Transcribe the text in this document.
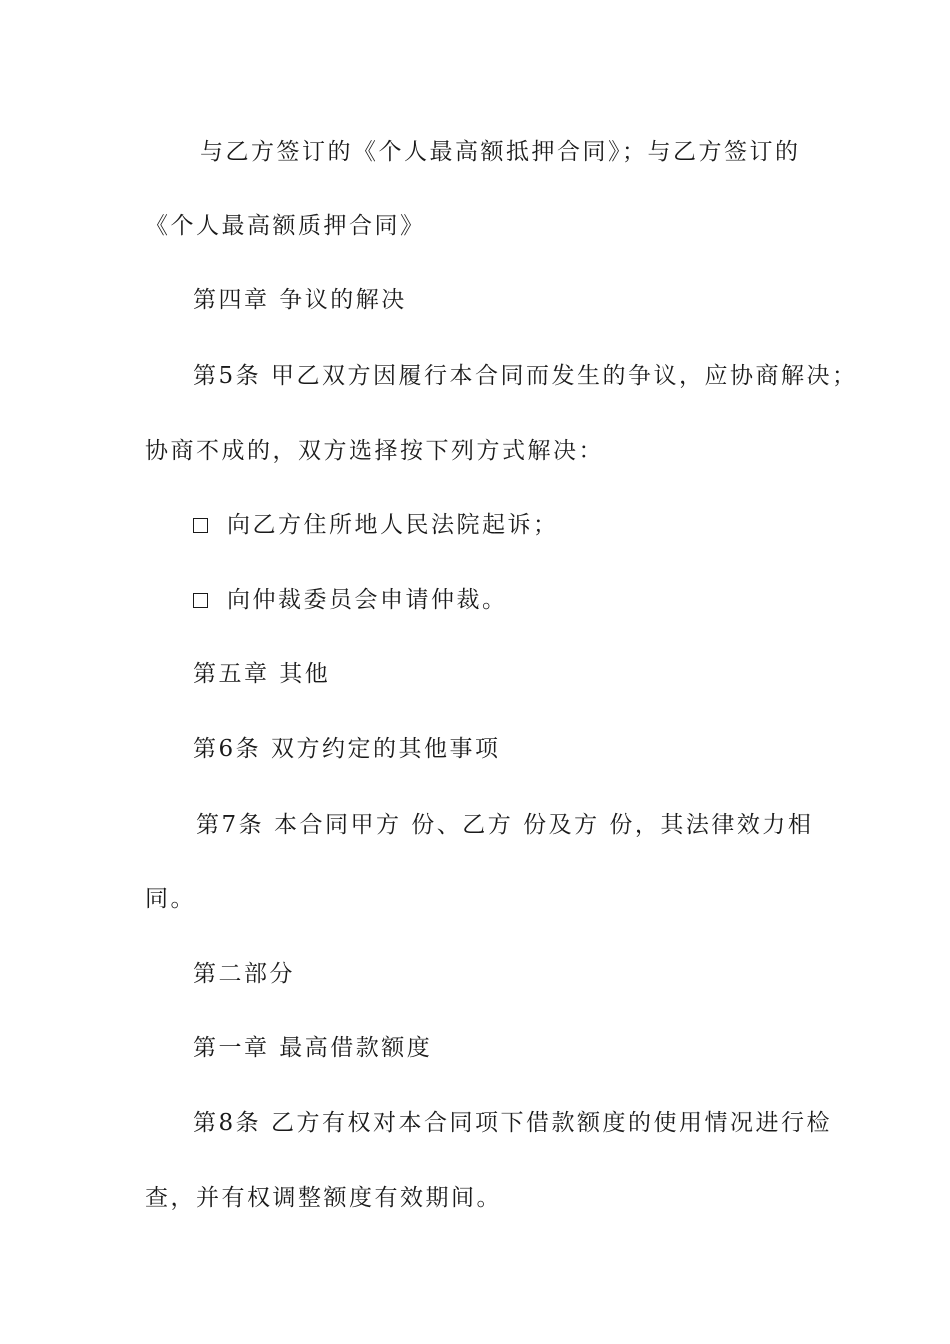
与乙方签订的《个人最高额抵押合同》；与乙方签订的
《个人最高额质押合同》
第四章 争议的解决
第5条 甲乙双方因履行本合同而发生的争议，应协商解决；
协商不成的，双方选择按下列方式解决：
向乙方住所地人民法院起诉；
向仲裁委员会申请仲裁。
第五章 其他
第6条 双方约定的其他事项
第7条 本合同甲方 份、乙方 份及方 份，其法律效力相
同。
第二部分
第一章 最高借款额度
第8条 乙方有权对本合同项下借款额度的使用情况进行检
查，并有权调整额度有效期间。
